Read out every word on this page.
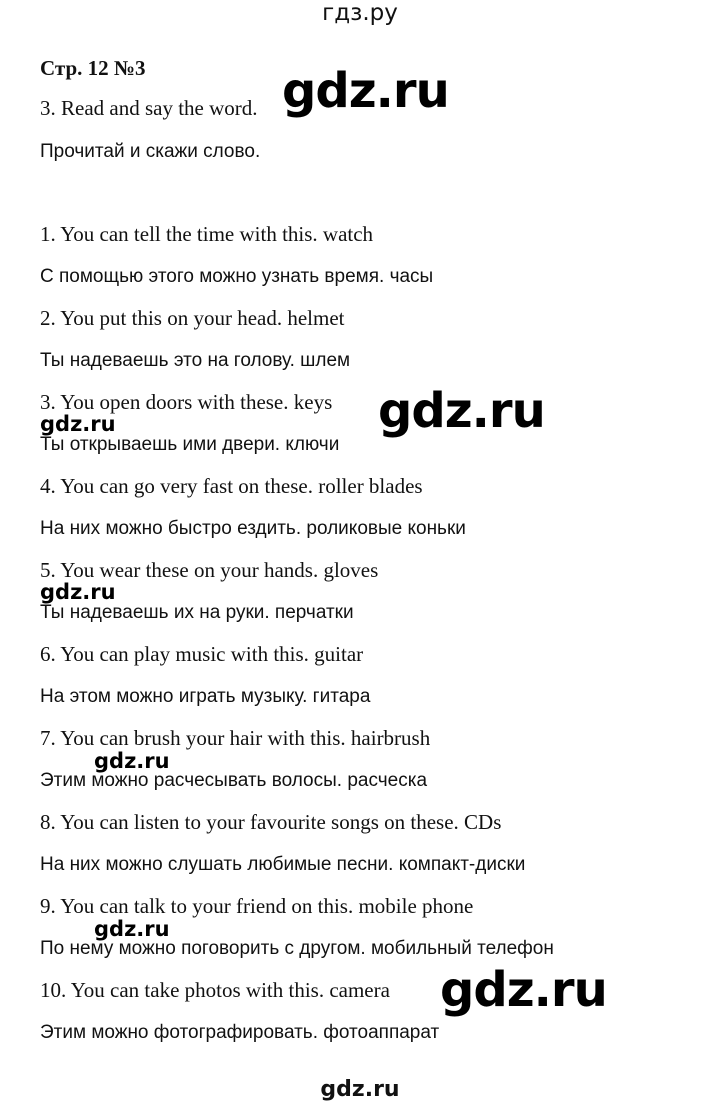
гдз.ру
Стр. 12 №3
3. Read and say the word.
Прочитай и скажи слово.
1. You can tell the time with this. watch
С помощью этого можно узнать время. часы
2. You put this on your head. helmet
Ты надеваешь это на голову. шлем
3. You open doors with these. keys
Ты открываешь ими двери. ключи
4. You can go very fast on these. roller blades
На них можно быстро ездить. роликовые коньки
5. You wear these on your hands. gloves
Ты надеваешь их на руки. перчатки
6. You can play music with this. guitar
На этом можно играть музыку. гитара
7. You can brush your hair with this. hairbrush
Этим можно расчесывать волосы. расческа
8. You can listen to your favourite songs on these. CDs
На них можно слушать любимые песни. компакт-диски
9. You can talk to your friend on this. mobile phone
По нему можно поговорить с другом. мобильный телефон
10. You can take photos with this. camera
Этим можно фотографировать. фотоаппарат
gdz.ru
gdz.ru
gdz.ru
gdz.ru
gdz.ru
gdz.ru
gdz.ru
gdz.ru
